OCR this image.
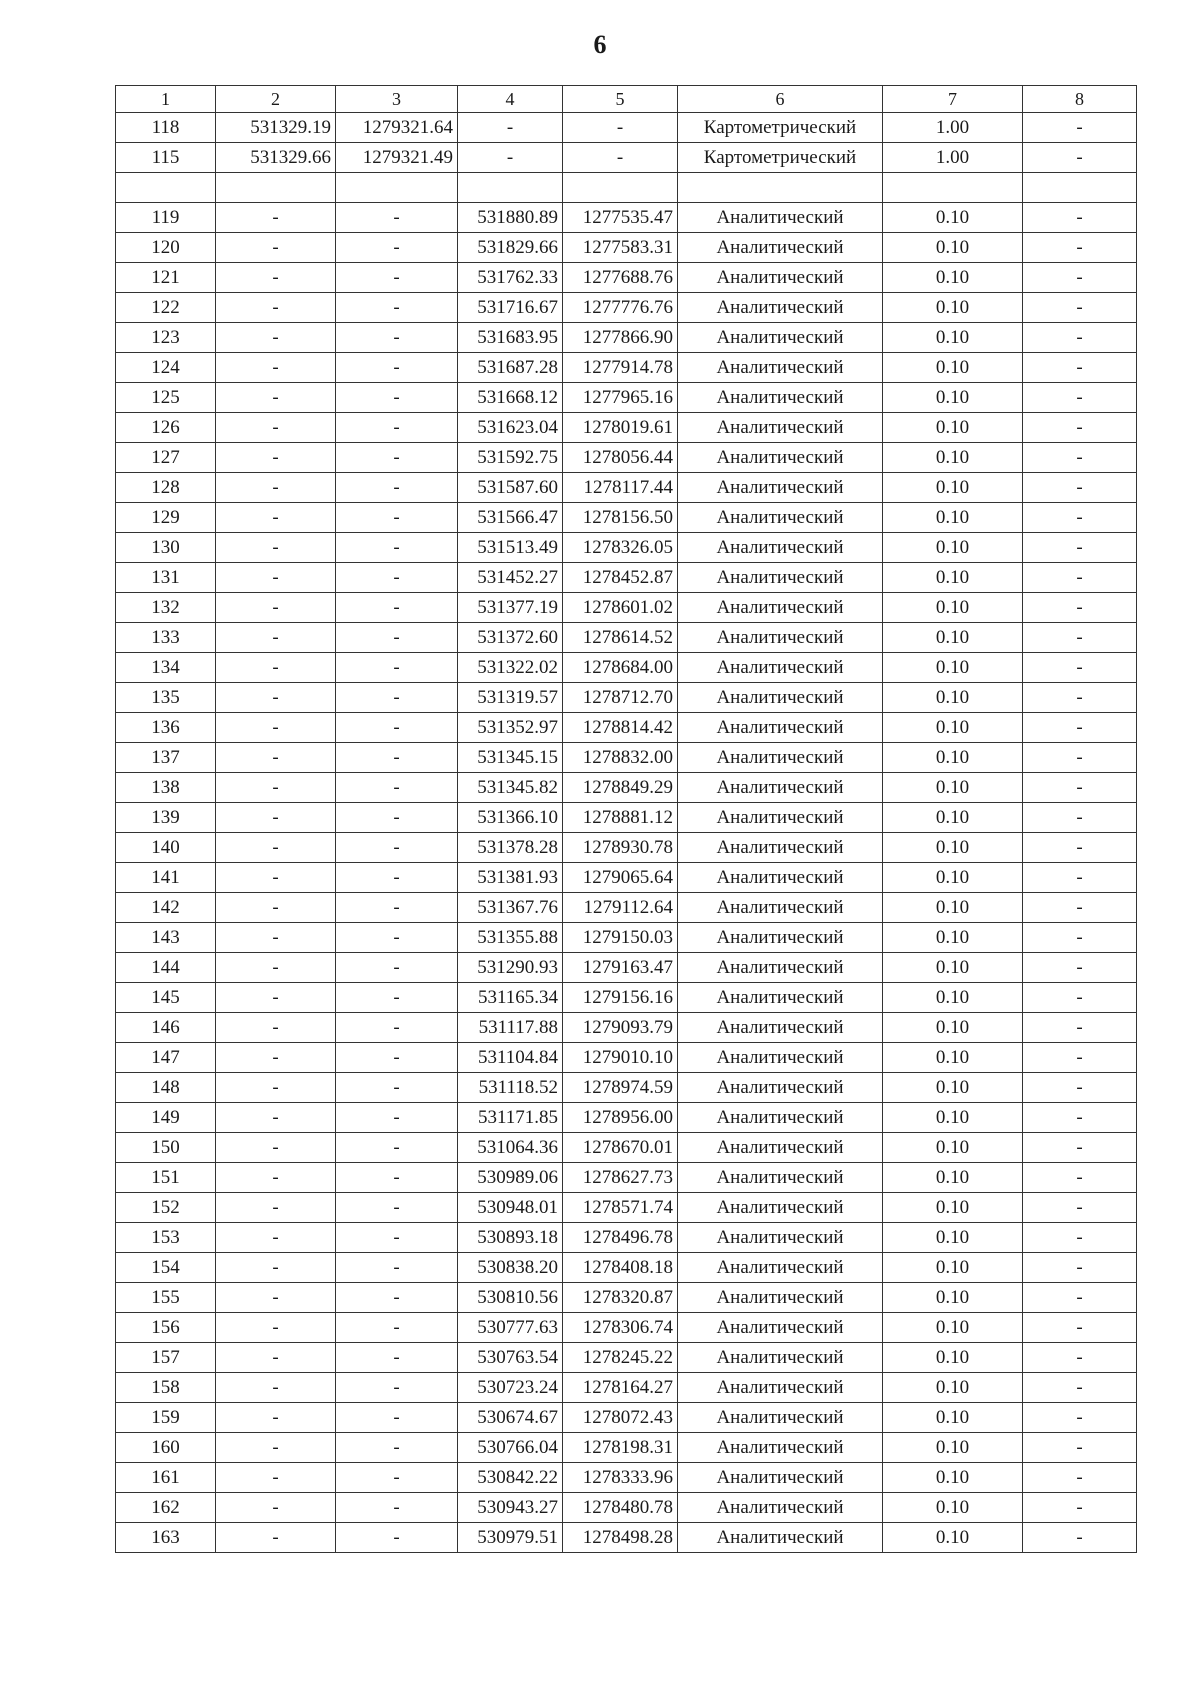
6
1	2	3	4	5	6	7	8
118	531329.19	1279321.64	-	-	Картометрический	1.00	-
115	531329.66	1279321.49	-	-	Картометрический	1.00	-

119	-	-	531880.89	1277535.47	Аналитический	0.10	-
120	-	-	531829.66	1277583.31	Аналитический	0.10	-
121	-	-	531762.33	1277688.76	Аналитический	0.10	-
122	-	-	531716.67	1277776.76	Аналитический	0.10	-
123	-	-	531683.95	1277866.90	Аналитический	0.10	-
124	-	-	531687.28	1277914.78	Аналитический	0.10	-
125	-	-	531668.12	1277965.16	Аналитический	0.10	-
126	-	-	531623.04	1278019.61	Аналитический	0.10	-
127	-	-	531592.75	1278056.44	Аналитический	0.10	-
128	-	-	531587.60	1278117.44	Аналитический	0.10	-
129	-	-	531566.47	1278156.50	Аналитический	0.10	-
130	-	-	531513.49	1278326.05	Аналитический	0.10	-
131	-	-	531452.27	1278452.87	Аналитический	0.10	-
132	-	-	531377.19	1278601.02	Аналитический	0.10	-
133	-	-	531372.60	1278614.52	Аналитический	0.10	-
134	-	-	531322.02	1278684.00	Аналитический	0.10	-
135	-	-	531319.57	1278712.70	Аналитический	0.10	-
136	-	-	531352.97	1278814.42	Аналитический	0.10	-
137	-	-	531345.15	1278832.00	Аналитический	0.10	-
138	-	-	531345.82	1278849.29	Аналитический	0.10	-
139	-	-	531366.10	1278881.12	Аналитический	0.10	-
140	-	-	531378.28	1278930.78	Аналитический	0.10	-
141	-	-	531381.93	1279065.64	Аналитический	0.10	-
142	-	-	531367.76	1279112.64	Аналитический	0.10	-
143	-	-	531355.88	1279150.03	Аналитический	0.10	-
144	-	-	531290.93	1279163.47	Аналитический	0.10	-
145	-	-	531165.34	1279156.16	Аналитический	0.10	-
146	-	-	531117.88	1279093.79	Аналитический	0.10	-
147	-	-	531104.84	1279010.10	Аналитический	0.10	-
148	-	-	531118.52	1278974.59	Аналитический	0.10	-
149	-	-	531171.85	1278956.00	Аналитический	0.10	-
150	-	-	531064.36	1278670.01	Аналитический	0.10	-
151	-	-	530989.06	1278627.73	Аналитический	0.10	-
152	-	-	530948.01	1278571.74	Аналитический	0.10	-
153	-	-	530893.18	1278496.78	Аналитический	0.10	-
154	-	-	530838.20	1278408.18	Аналитический	0.10	-
155	-	-	530810.56	1278320.87	Аналитический	0.10	-
156	-	-	530777.63	1278306.74	Аналитический	0.10	-
157	-	-	530763.54	1278245.22	Аналитический	0.10	-
158	-	-	530723.24	1278164.27	Аналитический	0.10	-
159	-	-	530674.67	1278072.43	Аналитический	0.10	-
160	-	-	530766.04	1278198.31	Аналитический	0.10	-
161	-	-	530842.22	1278333.96	Аналитический	0.10	-
162	-	-	530943.27	1278480.78	Аналитический	0.10	-
163	-	-	530979.51	1278498.28	Аналитический	0.10	-
